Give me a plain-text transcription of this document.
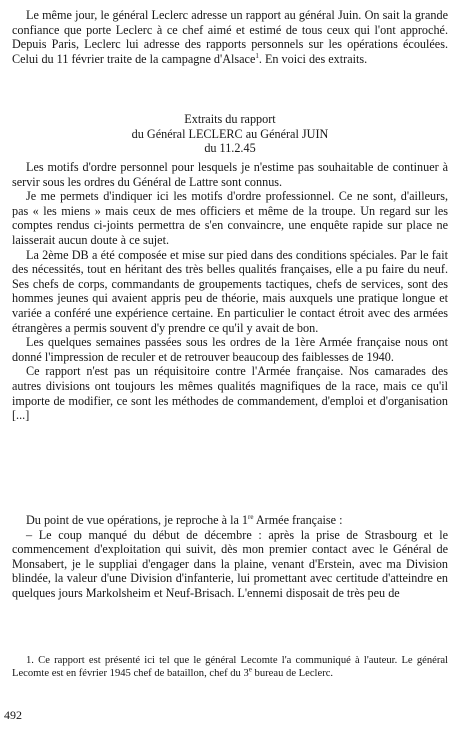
Le même jour, le général Leclerc adresse un rapport au général Juin. On sait la grande confiance que porte Leclerc à ce chef aimé et estimé de tous ceux qui l'ont approché. Depuis Paris, Leclerc lui adresse des rapports personnels sur les opérations écoulées. Celui du 11 février traite de la campagne d'Alsace$^1$. En voici des extraits.

Extraits du rapport
du Général LECLERC au Général JUIN
du 11.2.45

Les motifs d'ordre personnel pour lesquels je n'estime pas souhaitable de continuer à servir sous les ordres du Général de Lattre sont connus.

Je me permets d'indiquer ici les motifs d'ordre professionnel. Ce ne sont, d'ailleurs, pas « les miens » mais ceux de mes officiers et même de la troupe. Un regard sur les comptes rendus ci-joints permettra de s'en convaincre, une enquête rapide sur place ne laisserait aucun doute à ce sujet.

La 2ème DB a été composée et mise sur pied dans des conditions spéciales. Par le fait des nécessités, tout en héritant des très belles qualités françaises, elle a pu faire du neuf. Ses chefs de corps, commandants de groupements tactiques, chefs de services, sont des hommes jeunes qui avaient appris peu de théorie, mais auxquels une pratique longue et variée a conféré une expérience certaine. En particulier le contact étroit avec des armées étrangères a permis souvent d'y prendre ce qu'il y avait de bon.

Les quelques semaines passées sous les ordres de la 1ère Armée française nous ont donné l'impression de reculer et de retrouver beaucoup des faiblesses de 1940.

Ce rapport n'est pas un réquisitoire contre l'Armée française. Nos camarades des autres divisions ont toujours les mêmes qualités magnifiques de la race, mais ce qu'il importe de modifier, ce sont les méthodes de commandement, d'emploi et d'organisation [...]

Du point de vue opérations, je reproche à la 1re Armée française :

– Le coup manqué du début de décembre : après la prise de Strasbourg et le commencement d'exploitation qui suivit, dès mon premier contact avec le Général de Monsabert, je le suppliai d'engager dans la plaine, venant d'Erstein, avec ma Division blindée, la valeur d'une Division d'infanterie, lui promettant avec certitude d'atteindre en quelques jours Markolsheim et Neuf-Brisach. L'ennemi disposait de très peu de

1. Ce rapport est présenté ici tel que le général Lecomte l'a communiqué à l'auteur. Le général Lecomte est en février 1945 chef de bataillon, chef du 3e bureau de Leclerc.

492
